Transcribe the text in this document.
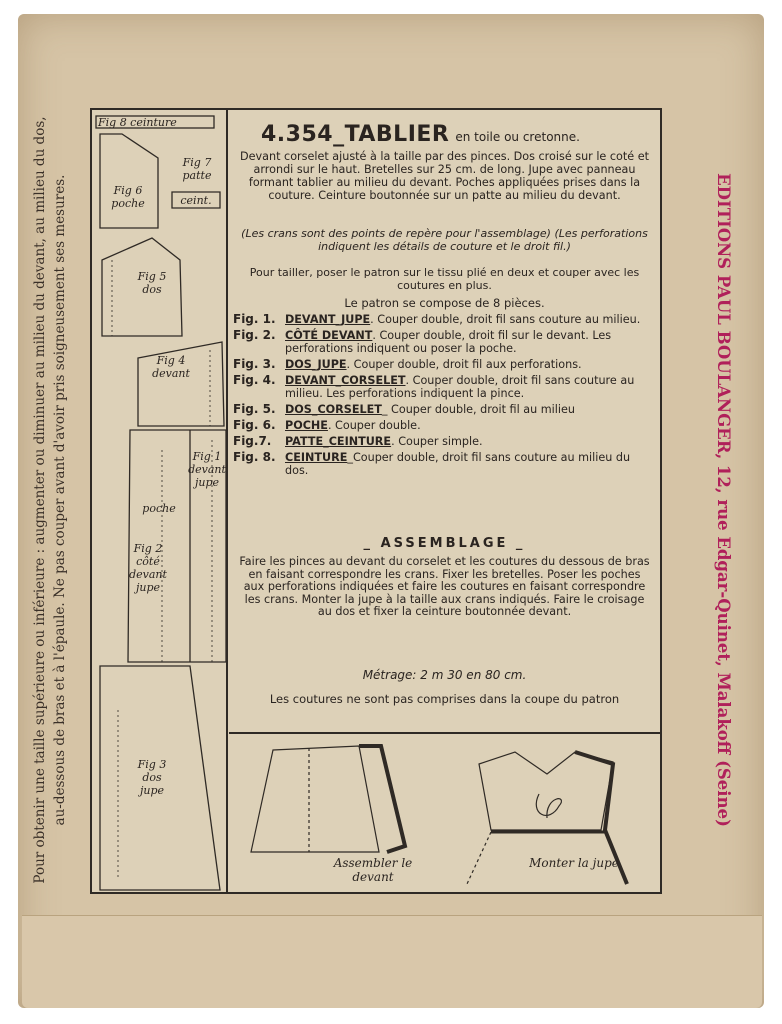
Pour obtenir une taille supérieure ou inférieure : augmenter ou diminuer au milieu du devant, au milieu du dos, au-dessous de bras et à l'épaule. Ne pas couper avant d'avoir pris soigneusement ses mesures.	EDITIONS PAUL BOULANGER, 12, rue Edgar-Quinet, Malakoff (Seine)
Fig 8 ceinture
Fig 7 patte
ceint.
Fig 6 poche
Fig 5 dos
Fig 4 devant
Fig 1 devant jupe
poche
Fig 2 côté devant jupe
Fig 3 dos jupe
4.354_TABLIER en toile ou cretonne.
Devant corselet ajusté à la taille par des pinces. Dos croisé sur le coté et arrondi sur le haut. Bretelles sur 25 cm. de long. Jupe avec panneau formant tablier au milieu du devant. Poches appliquées prises dans la couture. Ceinture boutonnée sur un patte au milieu du devant.
(Les crans sont des points de repère pour l'assemblage) (Les perforations indiquent les détails de couture et le droit fil.)
Pour tailler, poser le patron sur le tissu plié en deux et couper avec les coutures en plus.
Le patron se compose de 8 pièces.
Fig. 1. DEVANT_JUPE. Couper double, droit fil sans couture au milieu.
Fig. 2. CÔTÉ DEVANT. Couper double, droit fil sur le devant. Les perforations indiquent ou poser la poche.
Fig. 3. DOS_JUPE. Couper double, droit fil aux perforations.
Fig. 4. DEVANT_CORSELET. Couper double, droit fil sans couture au milieu. Les perforations indiquent la pince.
Fig. 5. DOS_CORSELET_ Couper double, droit fil au milieu
Fig. 6. POCHE. Couper double.
Fig.7.	PATTE_CEINTURE. Couper simple.
Fig. 8. CEINTURE_Couper double, droit fil sans couture au milieu du dos.
_ ASSEMBLAGE _
Faire les pinces au devant du corselet et les coutures du dessous de bras en faisant correspondre les crans. Fixer les bretelles. Poser les poches aux perforations indiquées et faire les coutures en faisant correspondre les crans. Monter la jupe à la taille aux crans indiqués. Faire le croisage au dos et fixer la ceinture boutonnée devant.
Métrage: 2 m 30 en 80 cm.
Les coutures ne sont pas comprises dans la coupe du patron
Assembler le devant
Monter la jupe
